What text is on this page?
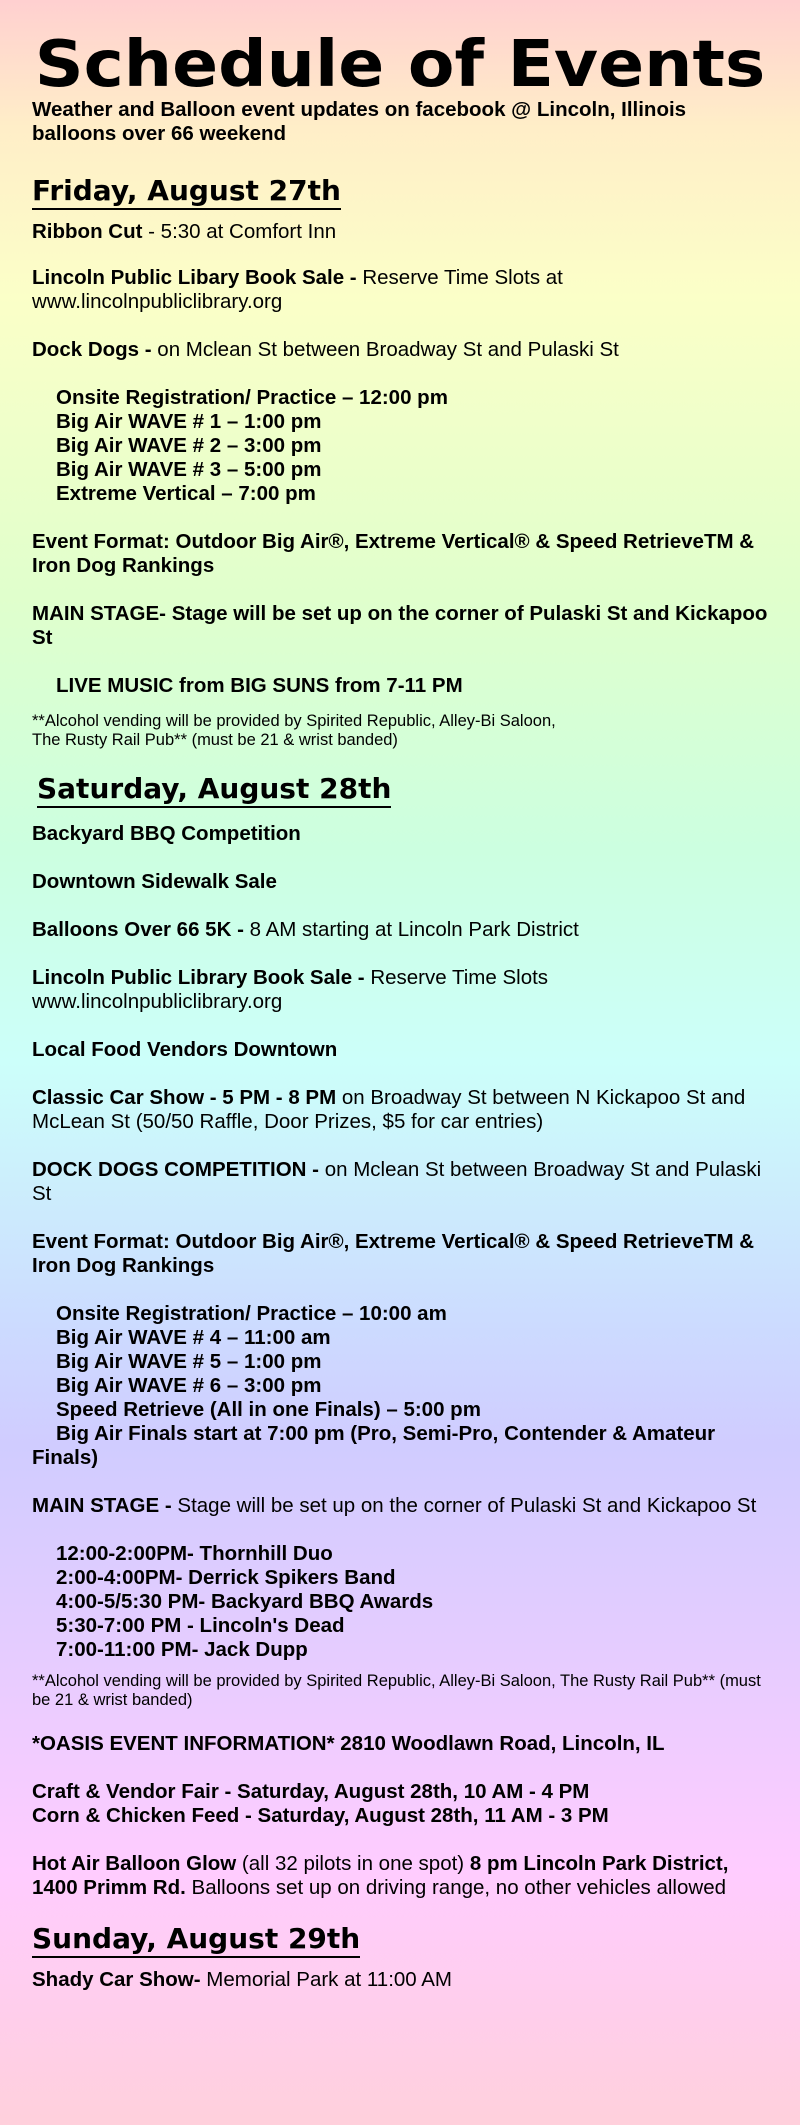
Schedule of Events

Weather and Balloon event updates on facebook @ Lincoln, Illinois balloons over 66 weekend

Friday, August 27th

Ribbon Cut - 5:30 at Comfort Inn

Lincoln Public Libary Book Sale - Reserve Time Slots at www.lincolnpubliclibrary.org

Dock Dogs - on Mclean St between Broadway St and Pulaski St

Onsite Registration/ Practice – 12:00 pm

Big Air WAVE # 1 – 1:00 pm

Big Air WAVE # 2 – 3:00 pm

Big Air WAVE # 3 – 5:00 pm

Extreme Vertical – 7:00 pm

Event Format: Outdoor Big Air®, Extreme Vertical® & Speed RetrieveTM & Iron Dog Rankings

MAIN STAGE- Stage will be set up on the corner of Pulaski St and Kickapoo St

LIVE MUSIC from BIG SUNS from 7-11 PM

**Alcohol vending will be provided by Spirited Republic, Alley-Bi Saloon,

The Rusty Rail Pub** (must be 21 & wrist banded)

Saturday, August 28th

Backyard BBQ Competition

Downtown Sidewalk Sale

Balloons Over 66 5K - 8 AM starting at Lincoln Park District

Lincoln Public Library Book Sale - Reserve Time Slots www.lincolnpubliclibrary.org

Local Food Vendors Downtown

Classic Car Show - 5 PM - 8 PM on Broadway St between N Kickapoo St and McLean St (50/50 Raffle, Door Prizes, $5 for car entries)

DOCK DOGS COMPETITION - on Mclean St between Broadway St and Pulaski St

Event Format: Outdoor Big Air®, Extreme Vertical® & Speed RetrieveTM & Iron Dog Rankings

Onsite Registration/ Practice – 10:00 am

Big Air WAVE # 4 – 11:00 am

Big Air WAVE # 5 – 1:00 pm

Big Air WAVE # 6 – 3:00 pm

Speed Retrieve (All in one Finals) – 5:00 pm

Big Air Finals start at 7:00 pm (Pro, Semi-Pro, Contender & Amateur Finals)

MAIN STAGE - Stage will be set up on the corner of Pulaski St and Kickapoo St

12:00-2:00PM- Thornhill Duo

2:00-4:00PM- Derrick Spikers Band

4:00-5/5:30 PM- Backyard BBQ Awards

5:30-7:00 PM - Lincoln's Dead

7:00-11:00 PM- Jack Dupp

**Alcohol vending will be provided by Spirited Republic, Alley-Bi Saloon, The Rusty Rail Pub** (must be 21 & wrist banded)

*OASIS EVENT INFORMATION* 2810 Woodlawn Road, Lincoln, IL

Craft & Vendor Fair - Saturday, August 28th, 10 AM - 4 PM

Corn & Chicken Feed - Saturday, August 28th, 11 AM - 3 PM

Hot Air Balloon Glow (all 32 pilots in one spot) 8 pm Lincoln Park District, 1400 Primm Rd. Balloons set up on driving range, no other vehicles allowed

Sunday, August 29th

Shady Car Show- Memorial Park at 11:00 AM
